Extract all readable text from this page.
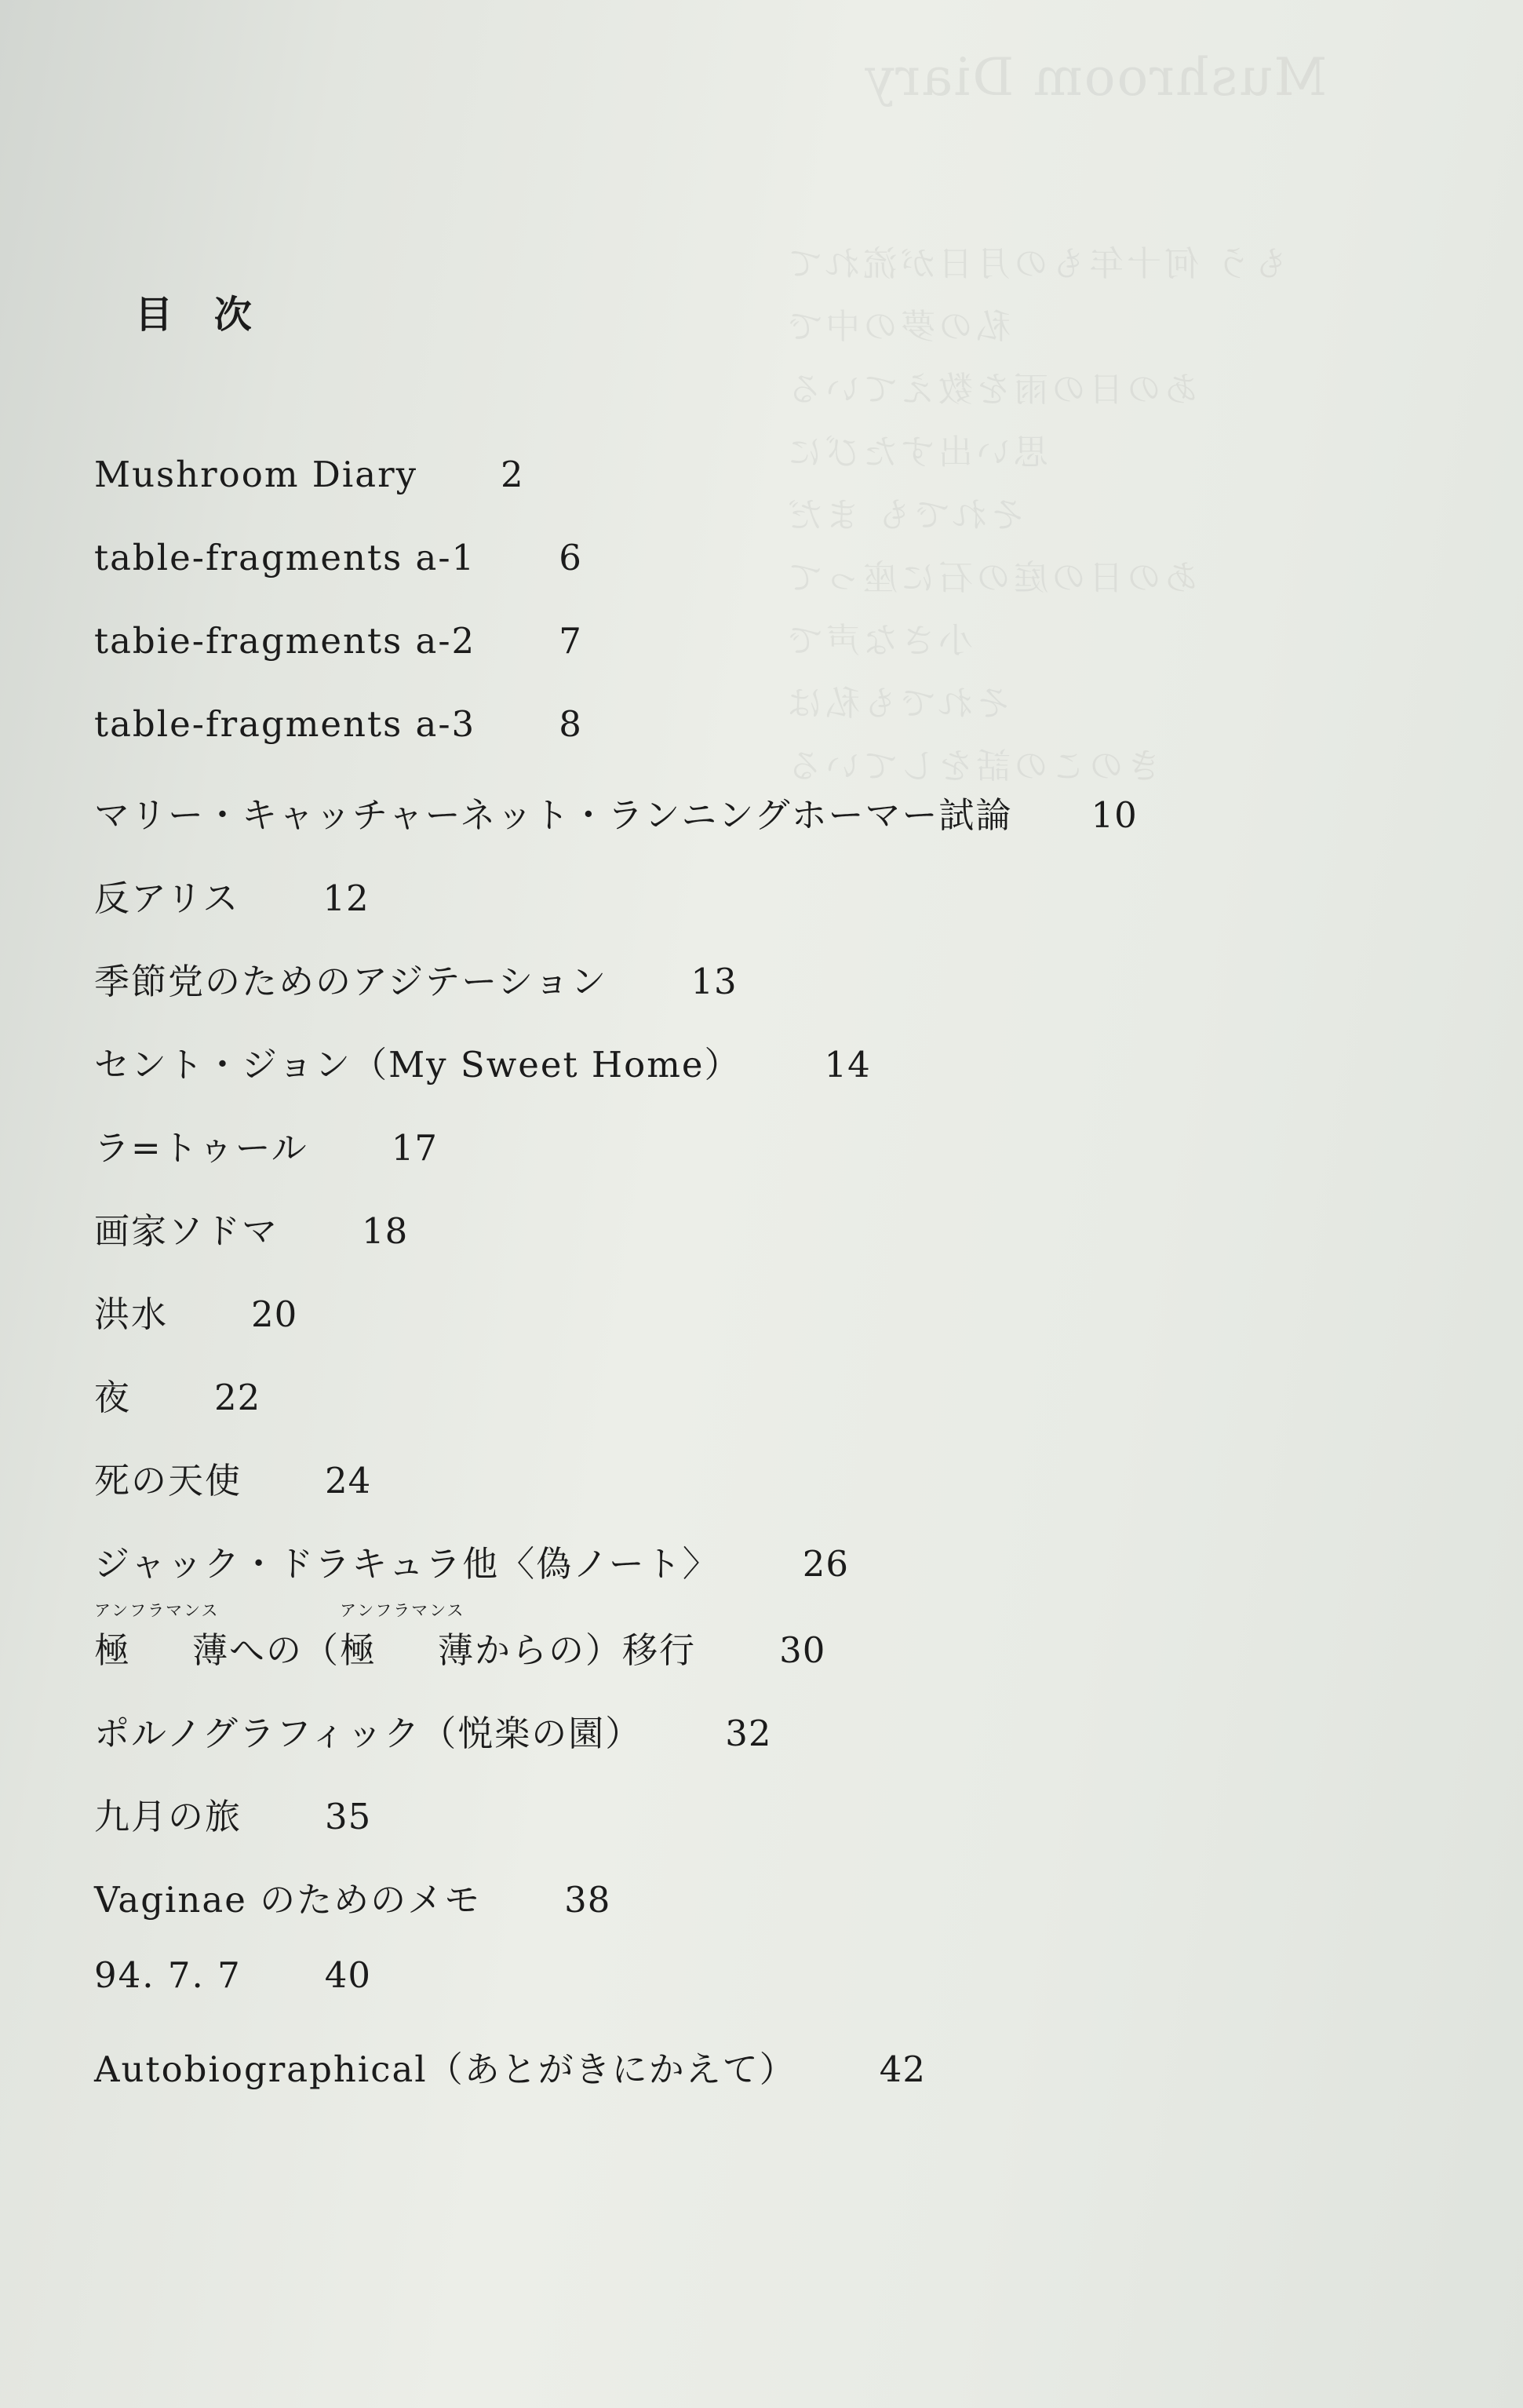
Mushroom Diary
もう 何十年もの月日が流れて
私の夢の中で
あの日の雨を数えている
思い出すたびに
それでも まだ
あの日の庭の石に座って
小さな声で
それでも私は
きのこの話をしている
目 次
Mushroom Diary 2
table-fragments a-1 6
tabie-fragments a-2 7
table-fragments a-3 8
マリー・キャッチャーネット・ランニングホーマー試論 10
反アリス 12
季節党のためのアジテーション 13
セント・ジョン（My Sweet Home） 14
ラ=トゥール 17
画家ソドマ 18
洪水 20
夜 22
死の天使 24
ジャック・ドラキュラ他〈偽ノート〉 26
アンフラマンス
極 薄への（
アンフラマンス
極 薄からの）移行 30
ポルノグラフィック（悦楽の園） 32
九月の旅 35
Vaginae のためのメモ 38
94. 7. 7 40
Autobiographical（あとがきにかえて） 42
